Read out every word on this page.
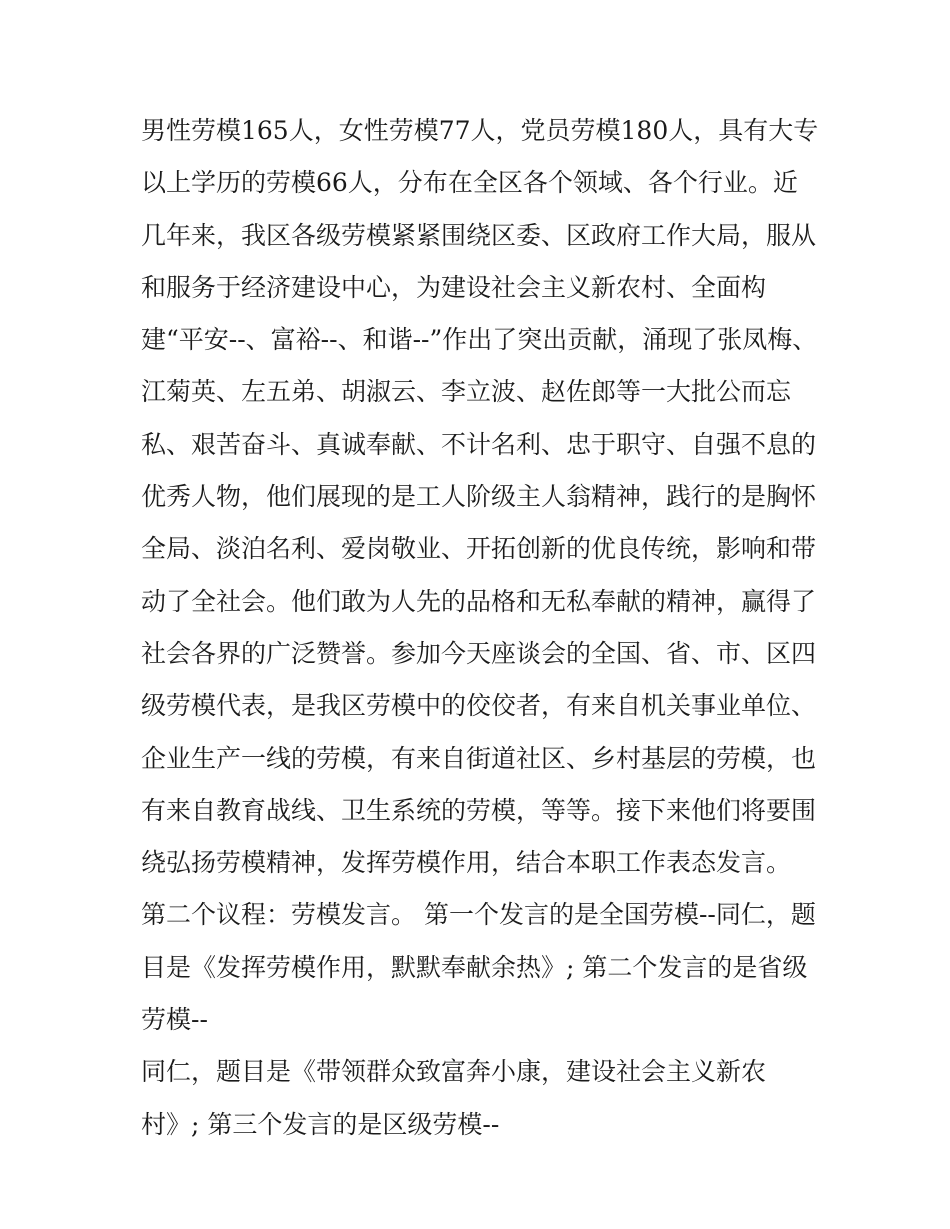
男性劳模165人，女性劳模77人，党员劳模180人，具有大专
以上学历的劳模66人，分布在全区各个领域、各个行业。近
几年来，我区各级劳模紧紧围绕区委、区政府工作大局，服从
和服务于经济建设中心，为建设社会主义新农村、全面构
建“平安--、富裕--、和谐--”作出了突出贡献，涌现了张凤梅、
江菊英、左五弟、胡淑云、李立波、赵佐郎等一大批公而忘
私、艰苦奋斗、真诚奉献、不计名利、忠于职守、自强不息的
优秀人物，他们展现的是工人阶级主人翁精神，践行的是胸怀
全局、淡泊名利、爱岗敬业、开拓创新的优良传统，影响和带
动了全社会。他们敢为人先的品格和无私奉献的精神，赢得了
社会各界的广泛赞誉。参加今天座谈会的全国、省、市、区四
级劳模代表，是我区劳模中的佼佼者，有来自机关事业单位、
企业生产一线的劳模，有来自街道社区、乡村基层的劳模，也
有来自教育战线、卫生系统的劳模，等等。接下来他们将要围
绕弘扬劳模精神，发挥劳模作用，结合本职工作表态发言。
第二个议程：劳模发言。 第一个发言的是全国劳模--同仁，题
目是《发挥劳模作用，默默奉献余热》; 第二个发言的是省级
劳模--
同仁，题目是《带领群众致富奔小康，建设社会主义新农
村》; 第三个发言的是区级劳模--
